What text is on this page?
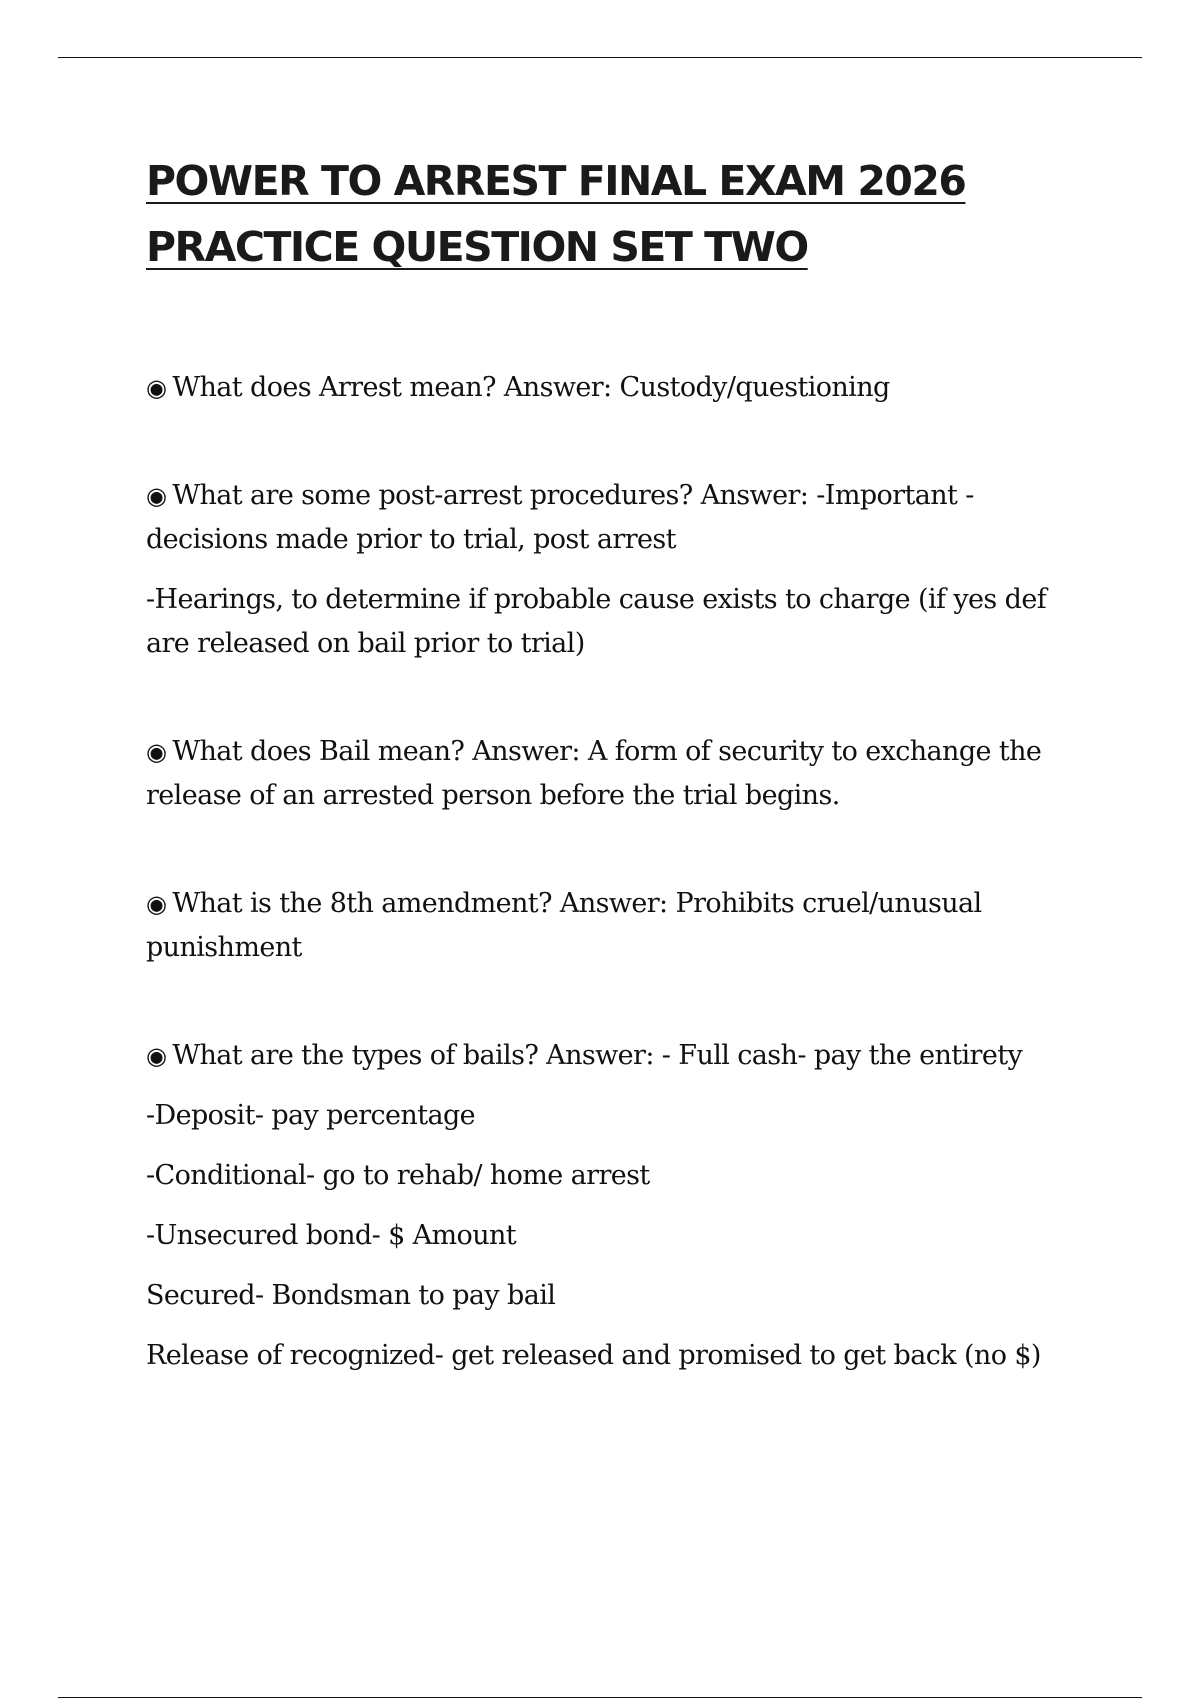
POWER TO ARREST FINAL EXAM 2026
PRACTICE QUESTION SET TWO

◉ What does Arrest mean? Answer: Custody/questioning

◉ What are some post-arrest procedures? Answer: -Important -decisions made prior to trial, post arrest

-Hearings, to determine if probable cause exists to charge (if yes def are released on bail prior to trial)

◉ What does Bail mean? Answer: A form of security to exchange the release of an arrested person before the trial begins.

◉ What is the 8th amendment? Answer: Prohibits cruel/unusual punishment

◉ What are the types of bails? Answer: - Full cash- pay the entirety

-Deposit- pay percentage

-Conditional- go to rehab/ home arrest

-Unsecured bond- $ Amount

Secured- Bondsman to pay bail

Release of recognized- get released and promised to get back (no $)
